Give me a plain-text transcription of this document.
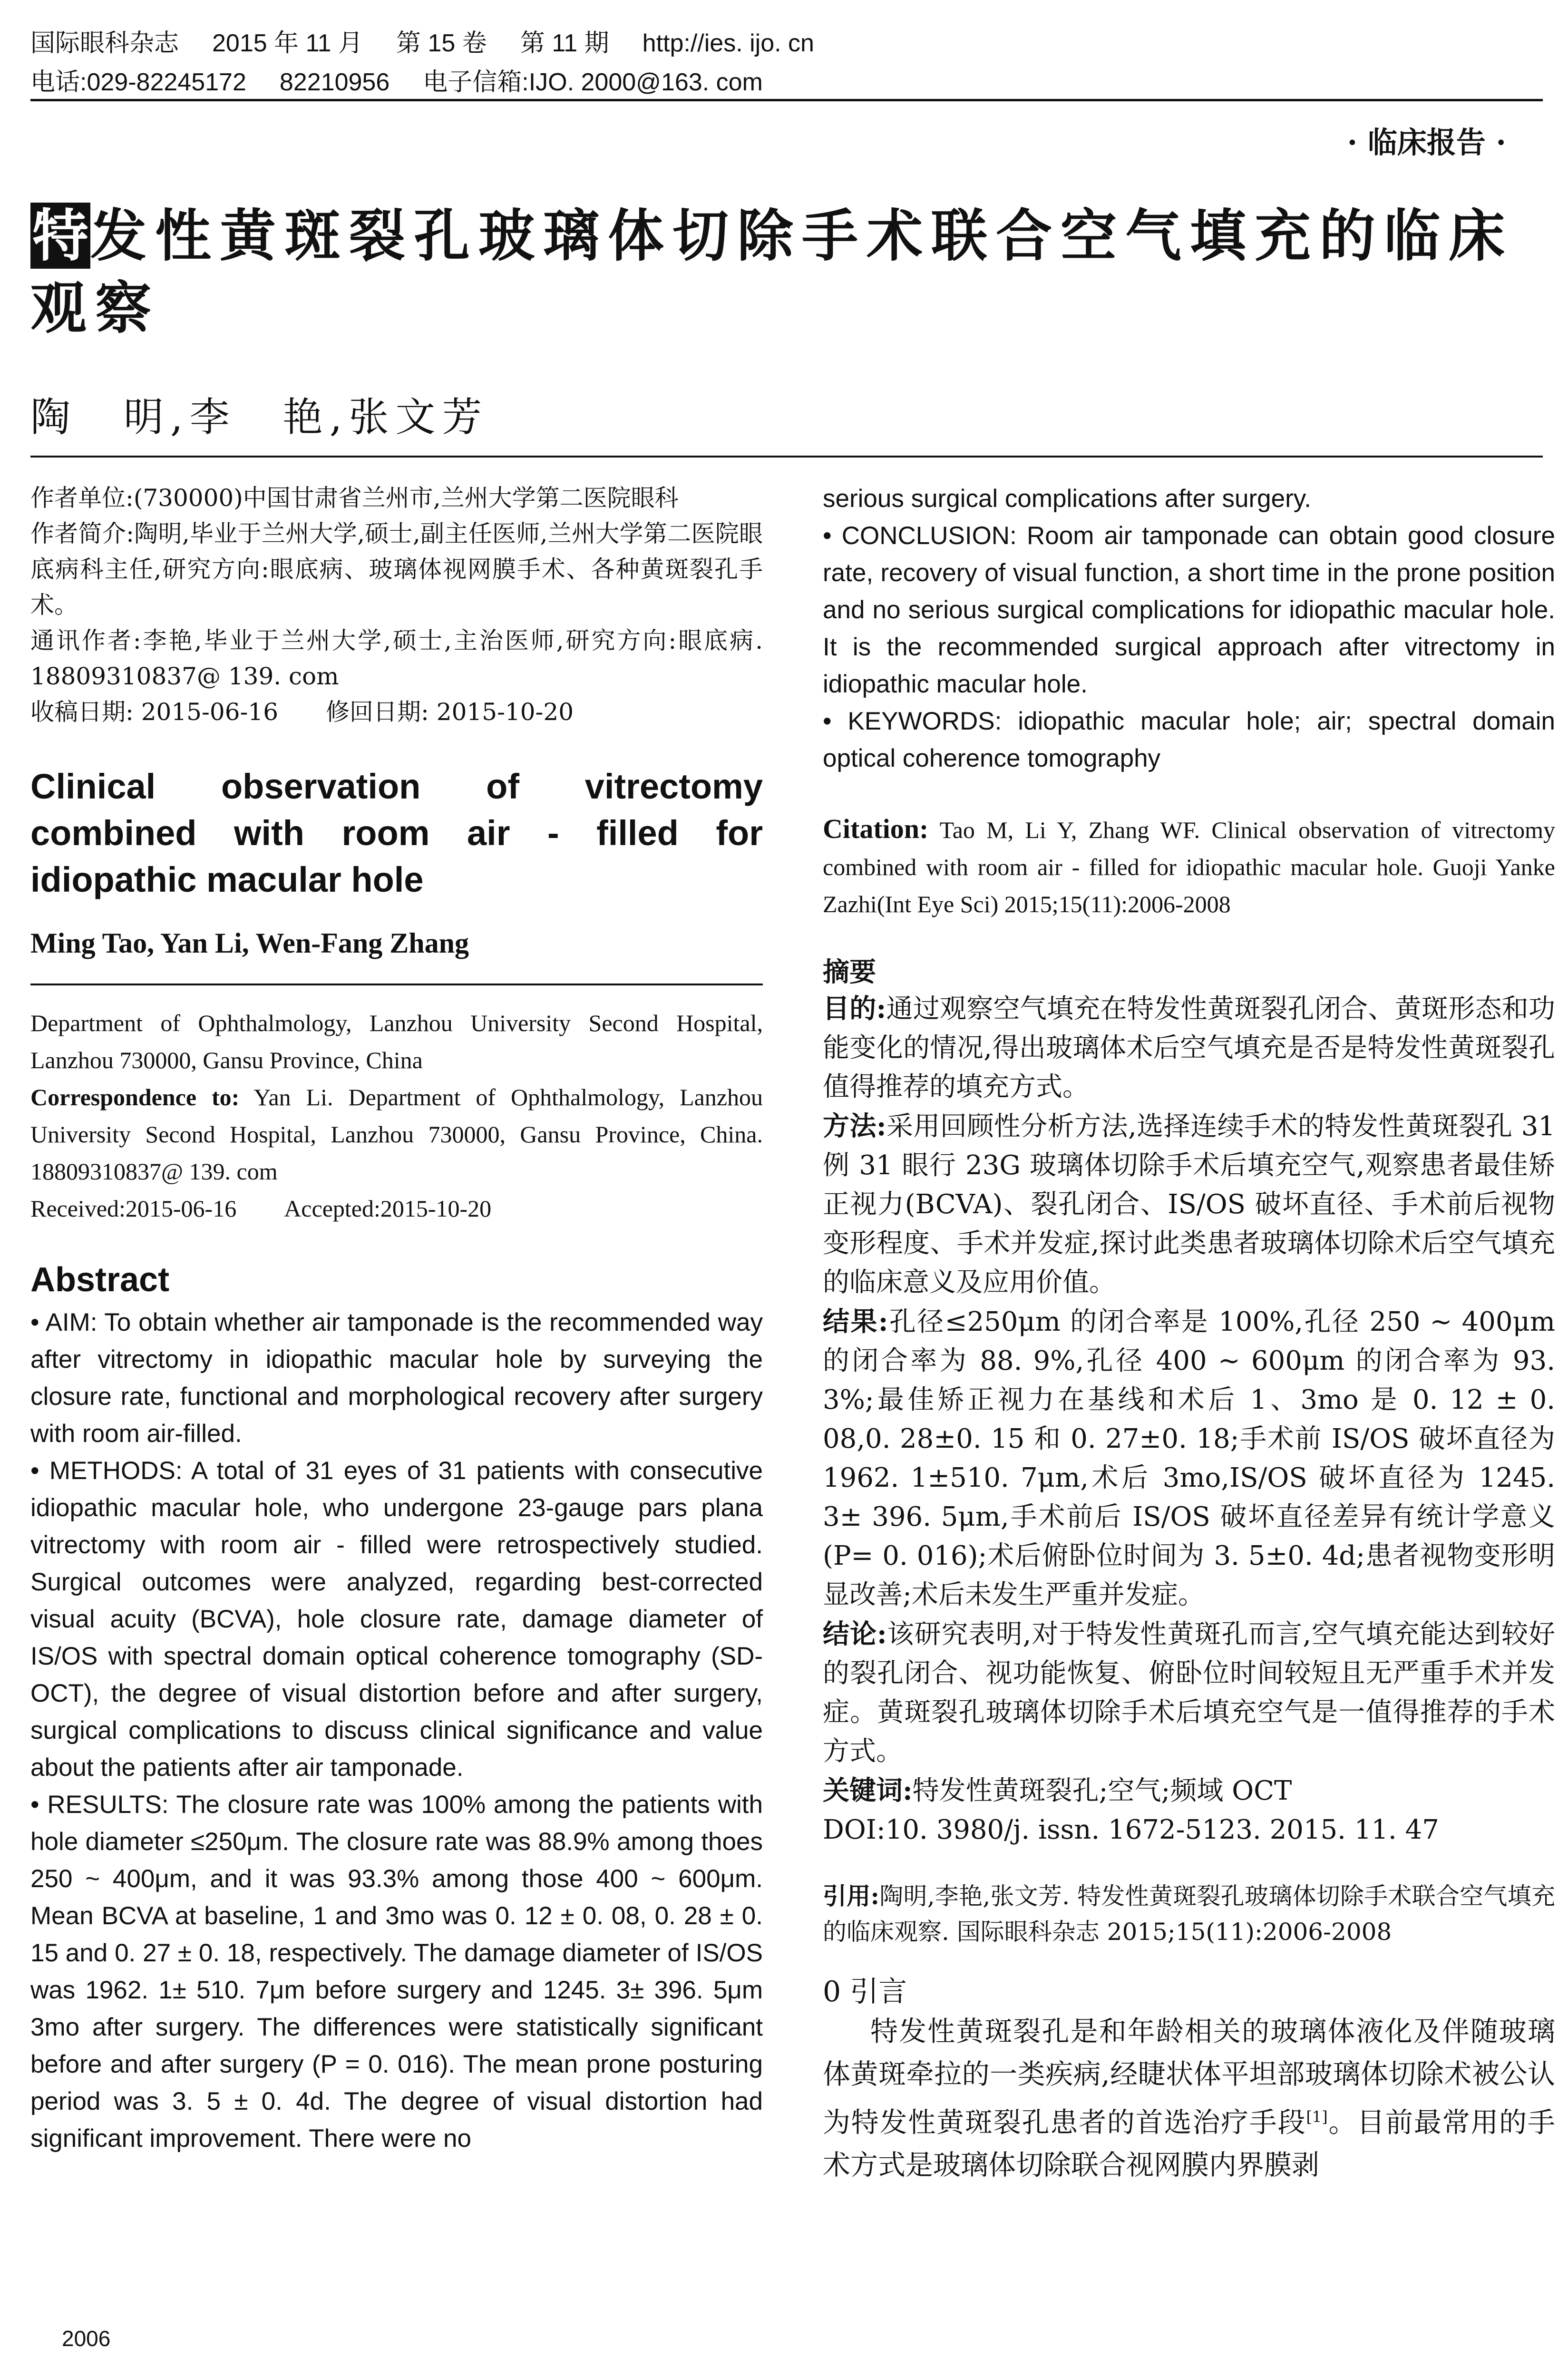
国际眼科杂志 2015 年 11 月 第 15 卷 第 11 期 http://ies. ijo. cn
电话:029-82245172 82210956 电子信箱:IJO. 2000@163. com
· 临床报告 ·
特发性黄斑裂孔玻璃体切除手术联合空气填充的临床观察
陶　明,李　艳,张文芳

作者单位:(730000)中国甘肃省兰州市,兰州大学第二医院眼科

作者简介:陶明,毕业于兰州大学,硕士,副主任医师,兰州大学第二医院眼底病科主任,研究方向:眼底病、玻璃体视网膜手术、各种黄斑裂孔手术。

通讯作者:李艳,毕业于兰州大学,硕士,主治医师,研究方向:眼底病. 18809310837@ 139. com

收稿日期: 2015-06-16　　修回日期: 2015-10-20

Clinical observation of vitrectomy combined with room air - filled for idiopathic macular hole
Ming Tao, Yan Li, Wen-Fang Zhang

Department of Ophthalmology, Lanzhou University Second Hospital, Lanzhou 730000, Gansu Province, China

Correspondence to: Yan Li. Department of Ophthalmology, Lanzhou University Second Hospital, Lanzhou 730000, Gansu Province, China. 18809310837@ 139. com

Received:2015-06-16　　Accepted:2015-10-20

Abstract

• AIM: To obtain whether air tamponade is the recommended way after vitrectomy in idiopathic macular hole by surveying the closure rate, functional and morphological recovery after surgery with room air-filled.

• METHODS: A total of 31 eyes of 31 patients with consecutive idiopathic macular hole, who undergone 23-gauge pars plana vitrectomy with room air - filled were retrospectively studied. Surgical outcomes were analyzed, regarding best-corrected visual acuity (BCVA), hole closure rate, damage diameter of IS/OS with spectral domain optical coherence tomography (SD-OCT), the degree of visual distortion before and after surgery, surgical complications to discuss clinical significance and value about the patients after air tamponade.

• RESULTS: The closure rate was 100% among the patients with hole diameter ≤250μm. The closure rate was 88.9% among thoes 250 ~ 400μm, and it was 93.3% among those 400 ~ 600μm. Mean BCVA at baseline, 1 and 3mo was 0. 12 ± 0. 08, 0. 28 ± 0. 15 and 0. 27 ± 0. 18, respectively. The damage diameter of IS/OS was 1962. 1± 510. 7μm before surgery and 1245. 3± 396. 5μm 3mo after surgery. The differences were statistically significant before and after surgery (P = 0. 016). The mean prone posturing period was 3. 5 ± 0. 4d. The degree of visual distortion had significant improvement. There were no

serious surgical complications after surgery.

• CONCLUSION: Room air tamponade can obtain good closure rate, recovery of visual function, a short time in the prone position and no serious surgical complications for idiopathic macular hole. It is the recommended surgical approach after vitrectomy in idiopathic macular hole.

• KEYWORDS: idiopathic macular hole; air; spectral domain optical coherence tomography

Citation: Tao M, Li Y, Zhang WF. Clinical observation of vitrectomy combined with room air - filled for idiopathic macular hole. Guoji Yanke Zazhi(Int Eye Sci) 2015;15(11):2006-2008

摘要

目的:通过观察空气填充在特发性黄斑裂孔闭合、黄斑形态和功能变化的情况,得出玻璃体术后空气填充是否是特发性黄斑裂孔值得推荐的填充方式。

方法:采用回顾性分析方法,选择连续手术的特发性黄斑裂孔 31 例 31 眼行 23G 玻璃体切除手术后填充空气,观察患者最佳矫正视力(BCVA)、裂孔闭合、IS/OS 破坏直径、手术前后视物变形程度、手术并发症,探讨此类患者玻璃体切除术后空气填充的临床意义及应用价值。

结果:孔径≤250μm 的闭合率是 100%,孔径 250 ~ 400μm 的闭合率为 88. 9%,孔径 400 ~ 600μm 的闭合率为 93. 3%;最佳矫正视力在基线和术后 1、3mo 是 0. 12 ± 0. 08,0. 28±0. 15 和 0. 27±0. 18;手术前 IS/OS 破坏直径为 1962. 1±510. 7μm,术后 3mo,IS/OS 破坏直径为 1245. 3± 396. 5μm,手术前后 IS/OS 破坏直径差异有统计学意义(P= 0. 016);术后俯卧位时间为 3. 5±0. 4d;患者视物变形明显改善;术后未发生严重并发症。

结论:该研究表明,对于特发性黄斑孔而言,空气填充能达到较好的裂孔闭合、视功能恢复、俯卧位时间较短且无严重手术并发症。黄斑裂孔玻璃体切除手术后填充空气是一值得推荐的手术方式。

关键词:特发性黄斑裂孔;空气;频域 OCT

DOI:10. 3980/j. issn. 1672-5123. 2015. 11. 47

引用:陶明,李艳,张文芳. 特发性黄斑裂孔玻璃体切除手术联合空气填充的临床观察. 国际眼科杂志 2015;15(11):2006-2008

0 引言

特发性黄斑裂孔是和年龄相关的玻璃体液化及伴随玻璃体黄斑牵拉的一类疾病,经睫状体平坦部玻璃体切除术被公认为特发性黄斑裂孔患者的首选治疗手段[1]。目前最常用的手术方式是玻璃体切除联合视网膜内界膜剥

2006
